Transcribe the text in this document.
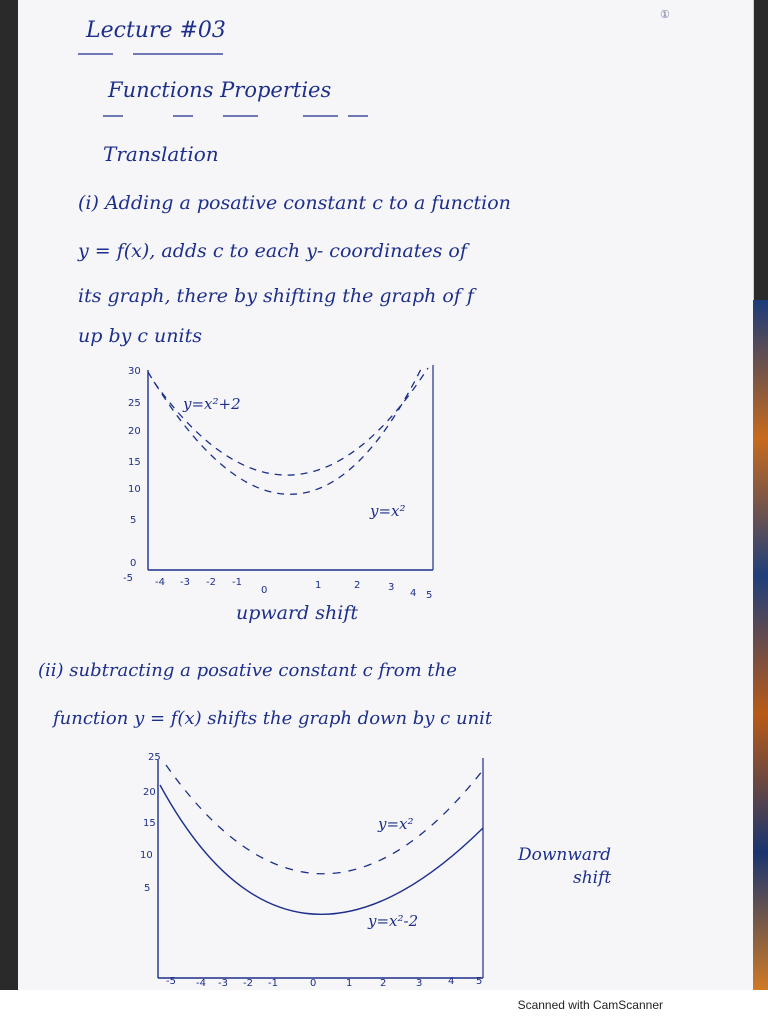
①
Lecture #03
Functions Properties
Translation
(i) Adding a posative constant c to a function
y = f(x), adds c to each y- coordinates of
its graph, there by shifting the graph of f
up by c units
y=x²+2
y=x²
30
25
20
15
10
5
0
-5 -4 -3 -2 -1
0	1	2	3
4 5
upward shift
(ii) subtracting a posative constant c from the
function y = f(x) shifts the graph down by c unit
y=x²
y=x²-2
25
20
15
10
5
-5 -4 -3 -2 -1	0	1	2	3	4 5
Downward
shift
Scanned with CamScanner
